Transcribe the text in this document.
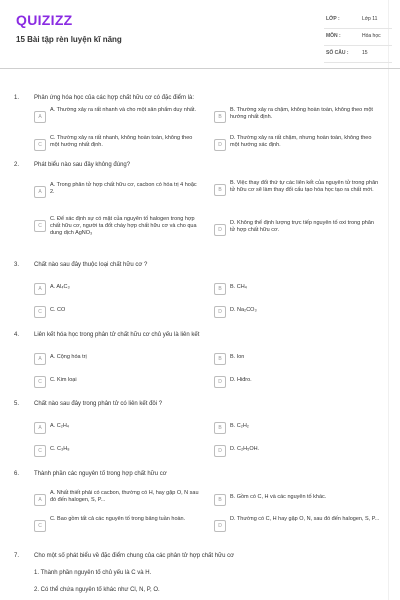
QUIZIZZ
15 Bài tập rèn luyện kĩ năng
LỚP :	Lớp 11
MÔN :	Hóa học
SỐ CÂU :	15
1. Phản ứng hóa học của các hợp chất hữu cơ có đặc điểm là:
A
A. Thường xảy ra rất nhanh và cho một sản phẩm duy nhất.
B
B. Thường xảy ra chậm, không hoàn toàn, không theo một hướng nhất định.
C
C. Thường xảy ra rất nhanh, không hoàn toàn, không theo một hướng nhất định.	D
D. Thường xảy ra rất chậm, nhưng hoàn toàn, không theo một hướng xác định.
2. Phát biểu nào sau đây không đúng?
A
A. Trong phân tử hợp chất hữu cơ, cacbon có hóa trị 4 hoặc 2.	B
B. Việc thay đổi thứ tự các liên kết của nguyên tử trong phân tử hữu cơ sẽ làm thay đổi cấu tạo hóa học tạo ra chất mới.
C
C. Để xác định sự có mặt của nguyên tố halogen trong hợp chất hữu cơ, người ta đốt cháy hợp chất hữu cơ và cho qua dung dịch AgNO₃	D
D. Không thể định lượng trực tiếp nguyên tố oxi trong phân tử hợp chất hữu cơ.
3. Chất nào sau đây thuộc loại chất hữu cơ ?
A	A. Al₄C₃	B	B. CH₄
C	C. CO	D	D. Na₂CO₃
4. Liên kết hóa học trong phân tử chất hữu cơ chủ yếu là liên kết
A	A. Cộng hóa trị	B	B. Ion
C	C. Kim loại	D	D. Hiđro.
5. Chất nào sau đây trong phân tử có liên kết đôi ?
A	A. C₂H₄	B	B. C₂H₂
C	C. C₃H₈	D	D. C₂H₅OH.
6. Thành phần các nguyên tố trong hợp chất hữu cơ
A
A. Nhất thiết phải có cacbon, thường có H, hay gặp O, N sau đó đến halogen, S, P...	B	B. Gồm có C, H và các nguyên tố khác.
C
C. Bao gồm tất cả các nguyên tố trong bảng tuần hoàn.
D
D. Thường có C, H hay gặp O, N, sau đó đến halogen, S, P...
7. Cho một số phát biểu về đặc điểm chung của các phân tử hợp chất hữu cơ
1. Thành phần nguyên tố chủ yếu là C và H.
2. Có thể chứa nguyên tố khác như Cl, N, P, O.
